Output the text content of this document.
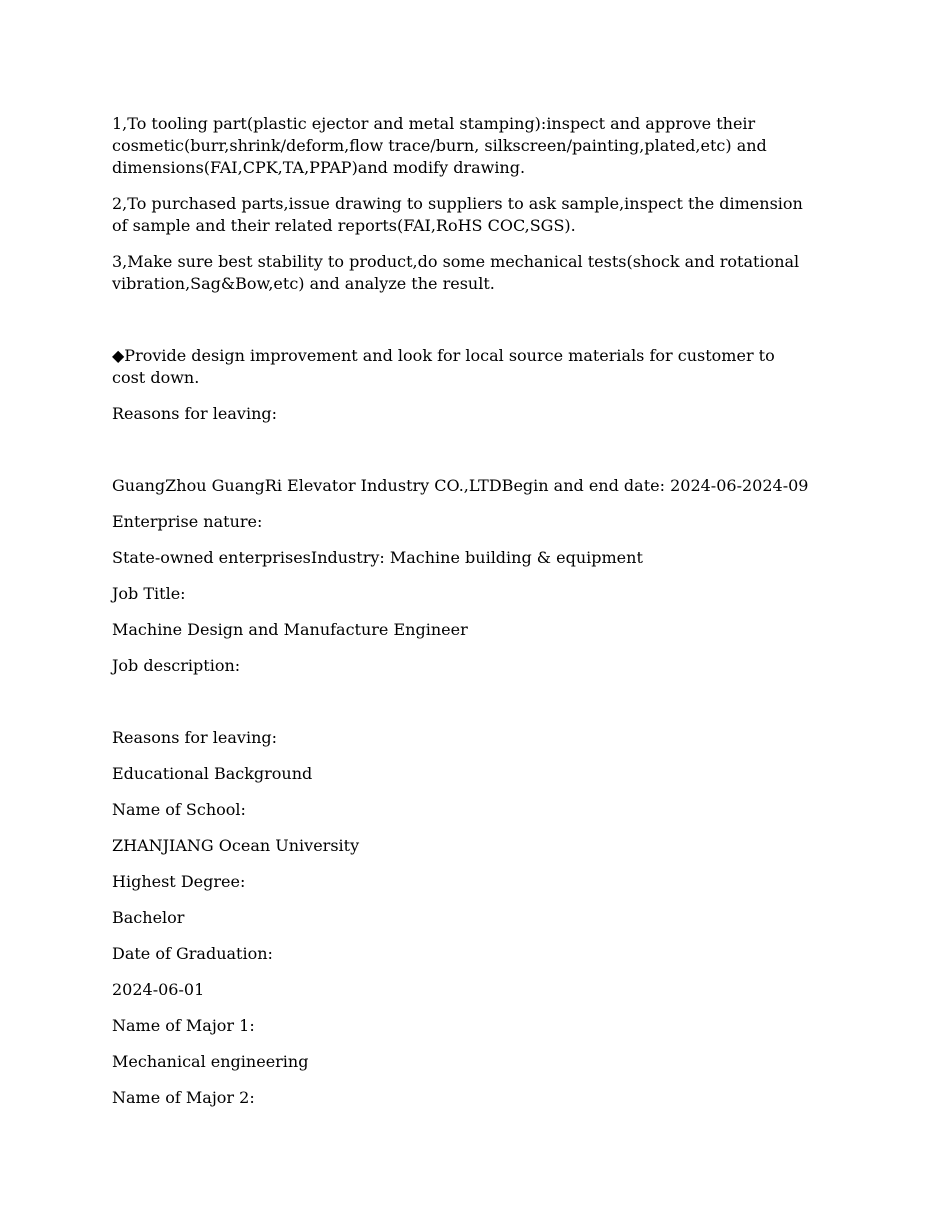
1,To tooling part(plastic ejector and metal stamping):inspect and approve their cosmetic(burr,shrink/deform,flow trace/burn, silkscreen/painting,plated,etc) and dimensions(FAI,CPK,TA,PPAP)and modify drawing.

2,To purchased parts,issue drawing to suppliers to ask sample,inspect the dimension of sample and their related reports(FAI,RoHS COC,SGS).

3,Make sure best stability to product,do some mechanical tests(shock and rotational vibration,Sag&Bow,etc) and analyze the result.

◆Provide design improvement and look for local source materials for customer to cost down.

Reasons for leaving:

GuangZhou GuangRi Elevator Industry CO.,LTDBegin and end date: 2024-06-2024-09

Enterprise nature:

State-owned enterprisesIndustry: Machine building & equipment

Job Title:

Machine Design and Manufacture Engineer

Job description:

Reasons for leaving:

Educational Background

Name of School:

ZHANJIANG Ocean University

Highest Degree:

Bachelor

Date of Graduation:

2024-06-01

Name of Major 1:

Mechanical engineering

Name of Major 2:
